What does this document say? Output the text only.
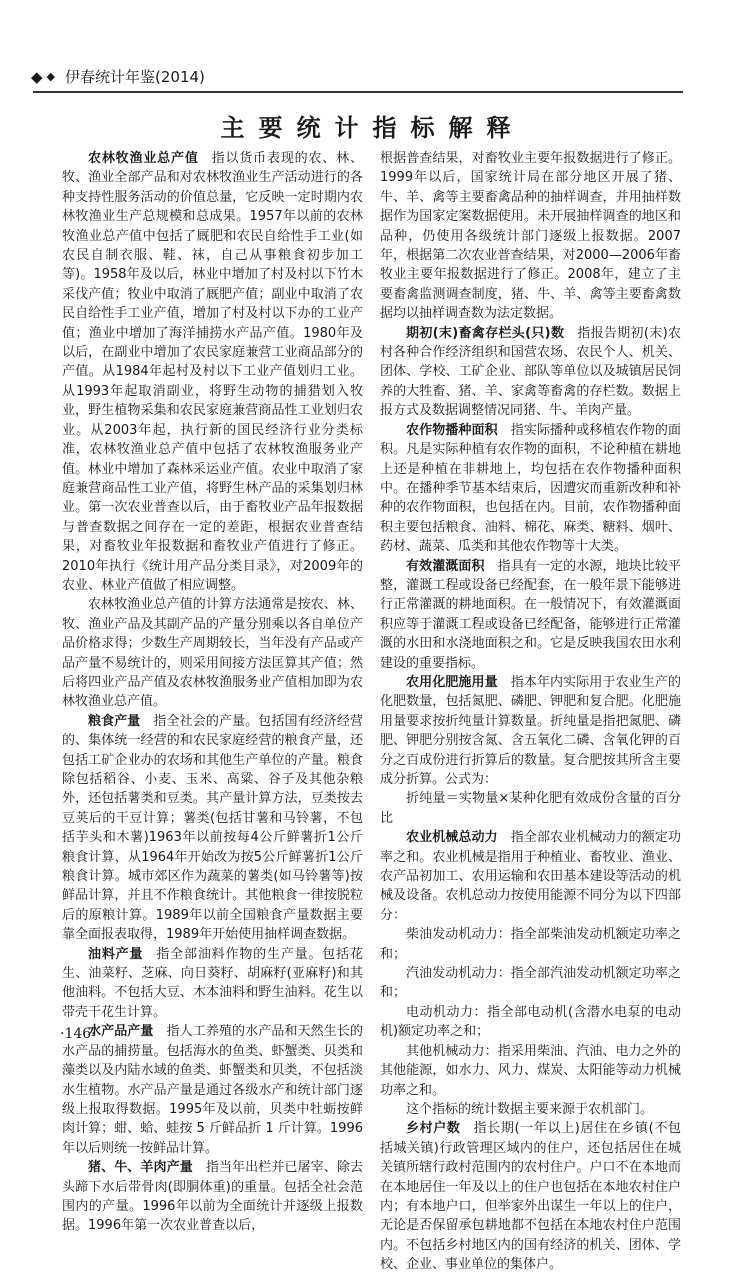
◆ ◆ 伊春统计年鉴(2014)
主要统计指标解释

农林牧渔业总产值 指以货币表现的农、林、牧、渔业全部产品和对农林牧渔业生产活动进行的各种支持性服务活动的价值总量，它反映一定时期内农林牧渔业生产总规模和总成果。1957年以前的农林牧渔业总产值中包括了厩肥和农民自给性手工业(如农民自制衣服、鞋、袜，自己从事粮食初步加工等)。1958年及以后，林业中增加了村及村以下竹木采伐产值；牧业中取消了厩肥产值；副业中取消了农民自给性手工业产值，增加了村及村以下办的工业产值；渔业中增加了海洋捕捞水产品产值。1980年及以后，在副业中增加了农民家庭兼营工业商品部分的产值。从1984年起村及村以下工业产值划归工业。从1993年起取消副业，将野生动物的捕猎划入牧业，野生植物采集和农民家庭兼营商品性工业划归农业。从2003年起，执行新的国民经济行业分类标准，农林牧渔业总产值中包括了农林牧渔服务业产值。林业中增加了森林采运业产值。农业中取消了家庭兼营商品性工业产值，将野生林产品的采集划归林业。第一次农业普查以后，由于畜牧业产品年报数据与普查数据之间存在一定的差距，根据农业普查结果，对畜牧业年报数据和畜牧业产值进行了修正。2010年执行《统计用产品分类目录》，对2009年的农业、林业产值做了相应调整。

农林牧渔业总产值的计算方法通常是按农、林、牧、渔业产品及其副产品的产量分别乘以各自单位产品价格求得；少数生产周期较长，当年没有产品或产品产量不易统计的，则采用间接方法匡算其产值；然后将四业产品产值及农林牧渔服务业产值相加即为农林牧渔业总产值。

粮食产量 指全社会的产量。包括国有经济经营的、集体统一经营的和农民家庭经营的粮食产量，还包括工矿企业办的农场和其他生产单位的产量。粮食除包括稻谷、小麦、玉米、高粱、谷子及其他杂粮外，还包括薯类和豆类。其产量计算方法，豆类按去豆荚后的干豆计算；薯类(包括甘薯和马铃薯，不包括芋头和木薯)1963年以前按每4公斤鲜薯折1公斤粮食计算，从1964年开始改为按5公斤鲜薯折1公斤粮食计算。城市郊区作为蔬菜的薯类(如马铃薯等)按鲜品计算，并且不作粮食统计。其他粮食一律按脱粒后的原粮计算。1989年以前全国粮食产量数据主要靠全面报表取得，1989年开始使用抽样调查数据。

油料产量 指全部油料作物的生产量。包括花生、油菜籽、芝麻、向日葵籽、胡麻籽(亚麻籽)和其他油料。不包括大豆、木本油料和野生油料。花生以带壳干花生计算。

水产品产量 指人工养殖的水产品和天然生长的水产品的捕捞量。包括海水的鱼类、虾蟹类、贝类和藻类以及内陆水域的鱼类、虾蟹类和贝类，不包括淡水生植物。水产品产量是通过各级水产和统计部门逐级上报取得数据。1995年及以前，贝类中牡蛎按鲜肉计算；蚶、蛤、蛙按 5 斤鲜品折 1 斤计算。1996年以后则统一按鲜品计算。

猪、牛、羊肉产量 指当年出栏并已屠宰、除去头蹄下水后带骨肉(即胴体重)的重量。包括全社会范围内的产量。1996年以前为全面统计并逐级上报数据。1996年第一次农业普查以后，

根据普查结果，对畜牧业主要年报数据进行了修正。1999年以后，国家统计局在部分地区开展了猪、牛、羊、禽等主要畜禽品种的抽样调查，并用抽样数据作为国家定案数据使用。未开展抽样调查的地区和品种，仍使用各级统计部门逐级上报数据。2007年，根据第二次农业普查结果，对2000—2006年畜牧业主要年报数据进行了修正。2008年，建立了主要畜禽监测调查制度，猪、牛、羊、禽等主要畜禽数据均以抽样调查数为法定数据。

期初(末)畜禽存栏头(只)数 指报告期初(末)农村各种合作经济组织和国营农场、农民个人、机关、团体、学校、工矿企业、部队等单位以及城镇居民饲养的大牲畜、猪、羊、家禽等畜禽的存栏数。数据上报方式及数据调整情况同猪、牛、羊肉产量。

农作物播种面积 指实际播种或移植农作物的面积。凡是实际种植有农作物的面积，不论种植在耕地上还是种植在非耕地上，均包括在农作物播种面积中。在播种季节基本结束后，因遭灾而重新改种和补种的农作物面积，也包括在内。目前，农作物播种面积主要包括粮食、油料、棉花、麻类、糖料、烟叶、药材、蔬菜、瓜类和其他农作物等十大类。

有效灌溉面积 指具有一定的水源，地块比较平整，灌溉工程或设备已经配套，在一般年景下能够进行正常灌溉的耕地面积。在一般情况下，有效灌溉面积应等于灌溉工程或设备已经配备，能够进行正常灌溉的水田和水浇地面积之和。它是反映我国农田水利建设的重要指标。

农用化肥施用量 指本年内实际用于农业生产的化肥数量，包括氮肥、磷肥、钾肥和复合肥。化肥施用量要求按折纯量计算数量。折纯量是指把氮肥、磷肥、钾肥分别按含氮、含五氧化二磷、含氧化钾的百分之百成份进行折算后的数量。复合肥按其所含主要成分折算。公式为：

折纯量＝实物量×某种化肥有效成份含量的百分比

农业机械总动力 指全部农业机械动力的额定功率之和。农业机械是指用于种植业、畜牧业、渔业、农产品初加工、农用运输和农田基本建设等活动的机械及设备。农机总动力按使用能源不同分为以下四部分：

柴油发动机动力：指全部柴油发动机额定功率之和；

汽油发动机动力：指全部汽油发动机额定功率之和；

电动机动力：指全部电动机(含潜水电泵的电动机)额定功率之和；

其他机械动力：指采用柴油、汽油、电力之外的其他能源，如水力、风力、煤炭、太阳能等动力机械功率之和。

这个指标的统计数据主要来源于农机部门。

乡村户数 指长期(一年以上)居住在乡镇(不包括城关镇)行政管理区域内的住户，还包括居住在城关镇所辖行政村范围内的农村住户。户口不在本地而在本地居住一年及以上的住户也包括在本地农村住户内；有本地户口，但举家外出谋生一年以上的住户，无论是否保留承包耕地都不包括在本地农村住户范围内。不包括乡村地区内的国有经济的机关、团体、学校、企业、事业单位的集体户。

·146·
